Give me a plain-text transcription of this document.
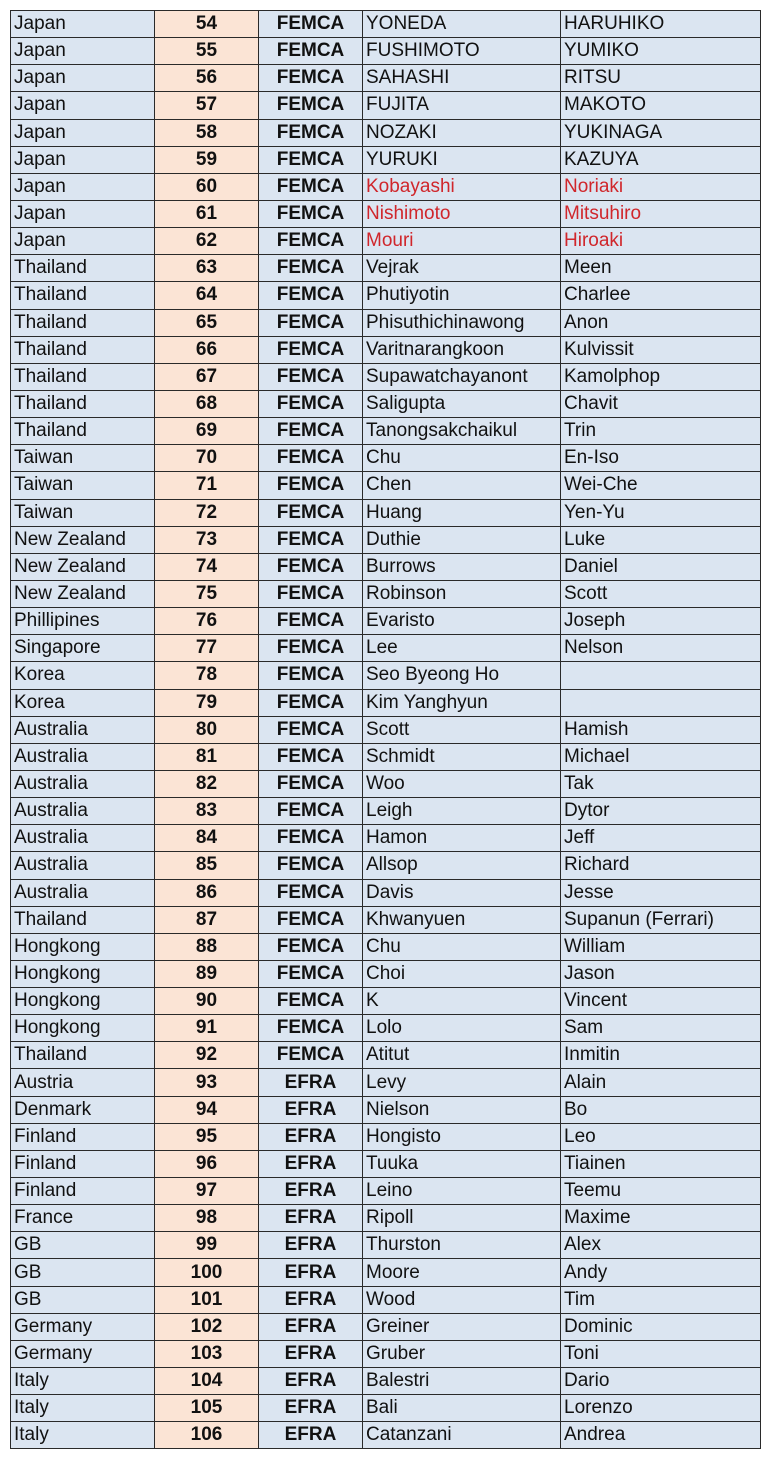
Japan	54	FEMCA	YONEDA	HARUHIKO
Japan	55	FEMCA	FUSHIMOTO	YUMIKO
Japan	56	FEMCA	SAHASHI	RITSU
Japan	57	FEMCA	FUJITA	MAKOTO
Japan	58	FEMCA	NOZAKI	YUKINAGA
Japan	59	FEMCA	YURUKI	KAZUYA
Japan	60	FEMCA	Kobayashi	Noriaki
Japan	61	FEMCA	Nishimoto	Mitsuhiro
Japan	62	FEMCA	Mouri	Hiroaki
Thailand	63	FEMCA	Vejrak	Meen
Thailand	64	FEMCA	Phutiyotin	Charlee
Thailand	65	FEMCA	Phisuthichinawong	Anon
Thailand	66	FEMCA	Varitnarangkoon	Kulvissit
Thailand	67	FEMCA	Supawatchayanont	Kamolphop
Thailand	68	FEMCA	Saligupta	Chavit
Thailand	69	FEMCA	Tanongsakchaikul	Trin
Taiwan	70	FEMCA	Chu	En-Iso
Taiwan	71	FEMCA	Chen	Wei-Che
Taiwan	72	FEMCA	Huang	Yen-Yu
New Zealand	73	FEMCA	Duthie	Luke
New Zealand	74	FEMCA	Burrows	Daniel
New Zealand	75	FEMCA	Robinson	Scott
Phillipines	76	FEMCA	Evaristo	Joseph
Singapore	77	FEMCA	Lee	Nelson
Korea	78	FEMCA	Seo Byeong Ho	
Korea	79	FEMCA	Kim Yanghyun	
Australia	80	FEMCA	Scott	Hamish
Australia	81	FEMCA	Schmidt	Michael
Australia	82	FEMCA	Woo	Tak
Australia	83	FEMCA	Leigh	Dytor
Australia	84	FEMCA	Hamon	Jeff
Australia	85	FEMCA	Allsop	Richard
Australia	86	FEMCA	Davis	Jesse
Thailand	87	FEMCA	Khwanyuen	Supanun (Ferrari)
Hongkong	88	FEMCA	Chu	William
Hongkong	89	FEMCA	Choi	Jason
Hongkong	90	FEMCA	K	Vincent
Hongkong	91	FEMCA	Lolo	Sam
Thailand	92	FEMCA	Atitut	Inmitin
Austria	93	EFRA	Levy	Alain
Denmark	94	EFRA	Nielson	Bo
Finland	95	EFRA	Hongisto	Leo
Finland	96	EFRA	Tuuka	Tiainen
Finland	97	EFRA	Leino	Teemu
France	98	EFRA	Ripoll	Maxime
GB	99	EFRA	Thurston	Alex
GB	100	EFRA	Moore	Andy
GB	101	EFRA	Wood	Tim
Germany	102	EFRA	Greiner	Dominic
Germany	103	EFRA	Gruber	Toni
Italy	104	EFRA	Balestri	Dario
Italy	105	EFRA	Bali	Lorenzo
Italy	106	EFRA	Catanzani	Andrea
